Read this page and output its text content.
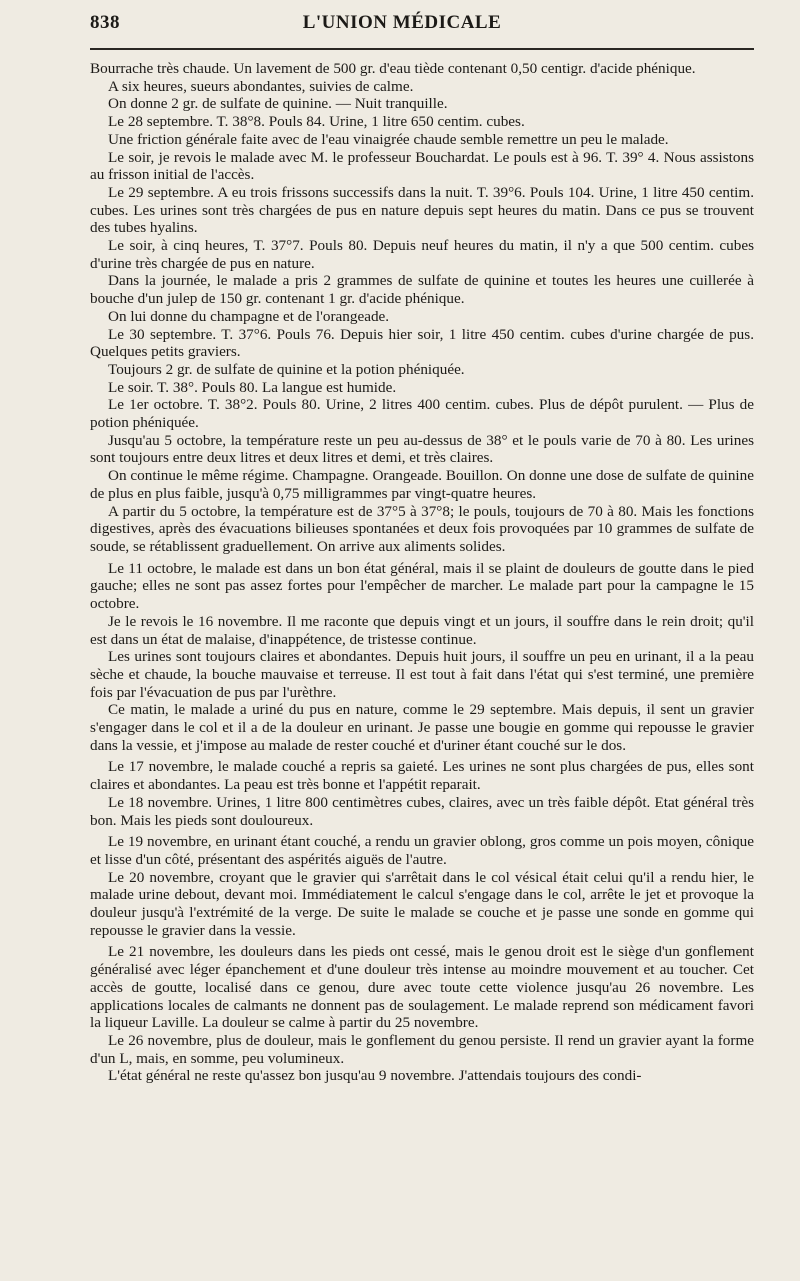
838	L'UNION MÉDICALE

Bourrache très chaude. Un lavement de 500 gr. d'eau tiède contenant 0,50 centigr. d'acide phénique.

A six heures, sueurs abondantes, suivies de calme.

On donne 2 gr. de sulfate de quinine. — Nuit tranquille.

Le 28 septembre. T. 38°8. Pouls 84. Urine, 1 litre 650 centim. cubes.

Une friction générale faite avec de l'eau vinaigrée chaude semble remettre un peu le malade.

Le soir, je revois le malade avec M. le professeur Bouchardat. Le pouls est à 96. T. 39° 4. Nous assistons au frisson initial de l'accès.

Le 29 septembre. A eu trois frissons successifs dans la nuit. T. 39°6. Pouls 104. Urine, 1 litre 450 centim. cubes. Les urines sont très chargées de pus en nature depuis sept heures du matin. Dans ce pus se trouvent des tubes hyalins.

Le soir, à cinq heures, T. 37°7. Pouls 80. Depuis neuf heures du matin, il n'y a que 500 centim. cubes d'urine très chargée de pus en nature.

Dans la journée, le malade a pris 2 grammes de sulfate de quinine et toutes les heures une cuillerée à bouche d'un julep de 150 gr. contenant 1 gr. d'acide phénique.

On lui donne du champagne et de l'orangeade.

Le 30 septembre. T. 37°6. Pouls 76. Depuis hier soir, 1 litre 450 centim. cubes d'urine chargée de pus. Quelques petits graviers.

Toujours 2 gr. de sulfate de quinine et la potion phéniquée.

Le soir. T. 38°. Pouls 80. La langue est humide.

Le 1er octobre. T. 38°2. Pouls 80. Urine, 2 litres 400 centim. cubes. Plus de dépôt purulent. — Plus de potion phéniquée.

Jusqu'au 5 octobre, la température reste un peu au-dessus de 38° et le pouls varie de 70 à 80. Les urines sont toujours entre deux litres et deux litres et demi, et très claires.

On continue le même régime. Champagne. Orangeade. Bouillon. On donne une dose de sulfate de quinine de plus en plus faible, jusqu'à 0,75 milligrammes par vingt-quatre heures.

A partir du 5 octobre, la température est de 37°5 à 37°8; le pouls, toujours de 70 à 80. Mais les fonctions digestives, après des évacuations bilieuses spontanées et deux fois provoquées par 10 grammes de sulfate de soude, se rétablissent graduellement. On arrive aux aliments solides.

Le 11 octobre, le malade est dans un bon état général, mais il se plaint de douleurs de goutte dans le pied gauche; elles ne sont pas assez fortes pour l'empêcher de marcher. Le malade part pour la campagne le 15 octobre.

Je le revois le 16 novembre. Il me raconte que depuis vingt et un jours, il souffre dans le rein droit; qu'il est dans un état de malaise, d'inappétence, de tristesse continue.

Les urines sont toujours claires et abondantes. Depuis huit jours, il souffre un peu en urinant, il a la peau sèche et chaude, la bouche mauvaise et terreuse. Il est tout à fait dans l'état qui s'est terminé, une première fois par l'évacuation de pus par l'urèthre.

Ce matin, le malade a uriné du pus en nature, comme le 29 septembre. Mais depuis, il sent un gravier s'engager dans le col et il a de la douleur en urinant. Je passe une bougie en gomme qui repousse le gravier dans la vessie, et j'impose au malade de rester couché et d'uriner étant couché sur le dos.

Le 17 novembre, le malade couché a repris sa gaieté. Les urines ne sont plus chargées de pus, elles sont claires et abondantes. La peau est très bonne et l'appétit reparait.

Le 18 novembre. Urines, 1 litre 800 centimètres cubes, claires, avec un très faible dépôt. Etat général très bon. Mais les pieds sont douloureux.

Le 19 novembre, en urinant étant couché, a rendu un gravier oblong, gros comme un pois moyen, cônique et lisse d'un côté, présentant des aspérités aiguës de l'autre.

Le 20 novembre, croyant que le gravier qui s'arrêtait dans le col vésical était celui qu'il a rendu hier, le malade urine debout, devant moi. Immédiatement le calcul s'engage dans le col, arrête le jet et provoque la douleur jusqu'à l'extrémité de la verge. De suite le malade se couche et je passe une sonde en gomme qui repousse le gravier dans la vessie.

Le 21 novembre, les douleurs dans les pieds ont cessé, mais le genou droit est le siège d'un gonflement généralisé avec léger épanchement et d'une douleur très intense au moindre mouvement et au toucher. Cet accès de goutte, localisé dans ce genou, dure avec toute cette violence jusqu'au 26 novembre. Les applications locales de calmants ne donnent pas de soulagement. Le malade reprend son médicament favori la liqueur Laville. La douleur se calme à partir du 25 novembre.

Le 26 novembre, plus de douleur, mais le gonflement du genou persiste. Il rend un gravier ayant la forme d'un L, mais, en somme, peu volumineux.

L'état général ne reste qu'assez bon jusqu'au 9 novembre. J'attendais toujours des condi-
